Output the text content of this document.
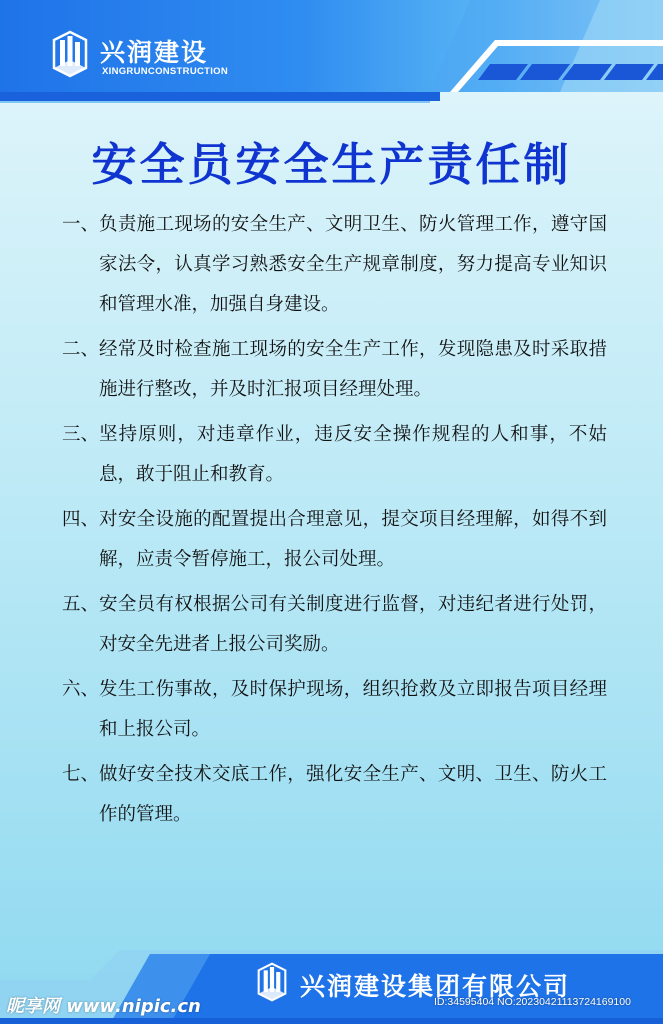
兴润建设
XINGRUNCONSTRUCTION
安全员安全生产责任制
一、 负责施工现场的安全生产、文明卫生、防火管理工作，遵守国家法令，认真学习熟悉安全生产规章制度，努力提高专业知识和管理水准，加强自身建设。
二、 经常及时检查施工现场的安全生产工作，发现隐患及时采取措施进行整改，并及时汇报项目经理处理。
三、 坚持原则，对违章作业，违反安全操作规程的人和事，不姑息，敢于阻止和教育。
四、 对安全设施的配置提出合理意见，提交项目经理解，如得不到解，应责令暂停施工，报公司处理。
五、 安全员有权根据公司有关制度进行监督，对违纪者进行处罚，对安全先进者上报公司奖励。
六、 发生工伤事故，及时保护现场，组织抢救及立即报告项目经理和上报公司。
七、 做好安全技术交底工作，强化安全生产、文明、卫生、防火工作的管理。
兴润建设集团有限公司
昵享网 www.nipic.cn	ID:34595404 NO:20230421113724169100
